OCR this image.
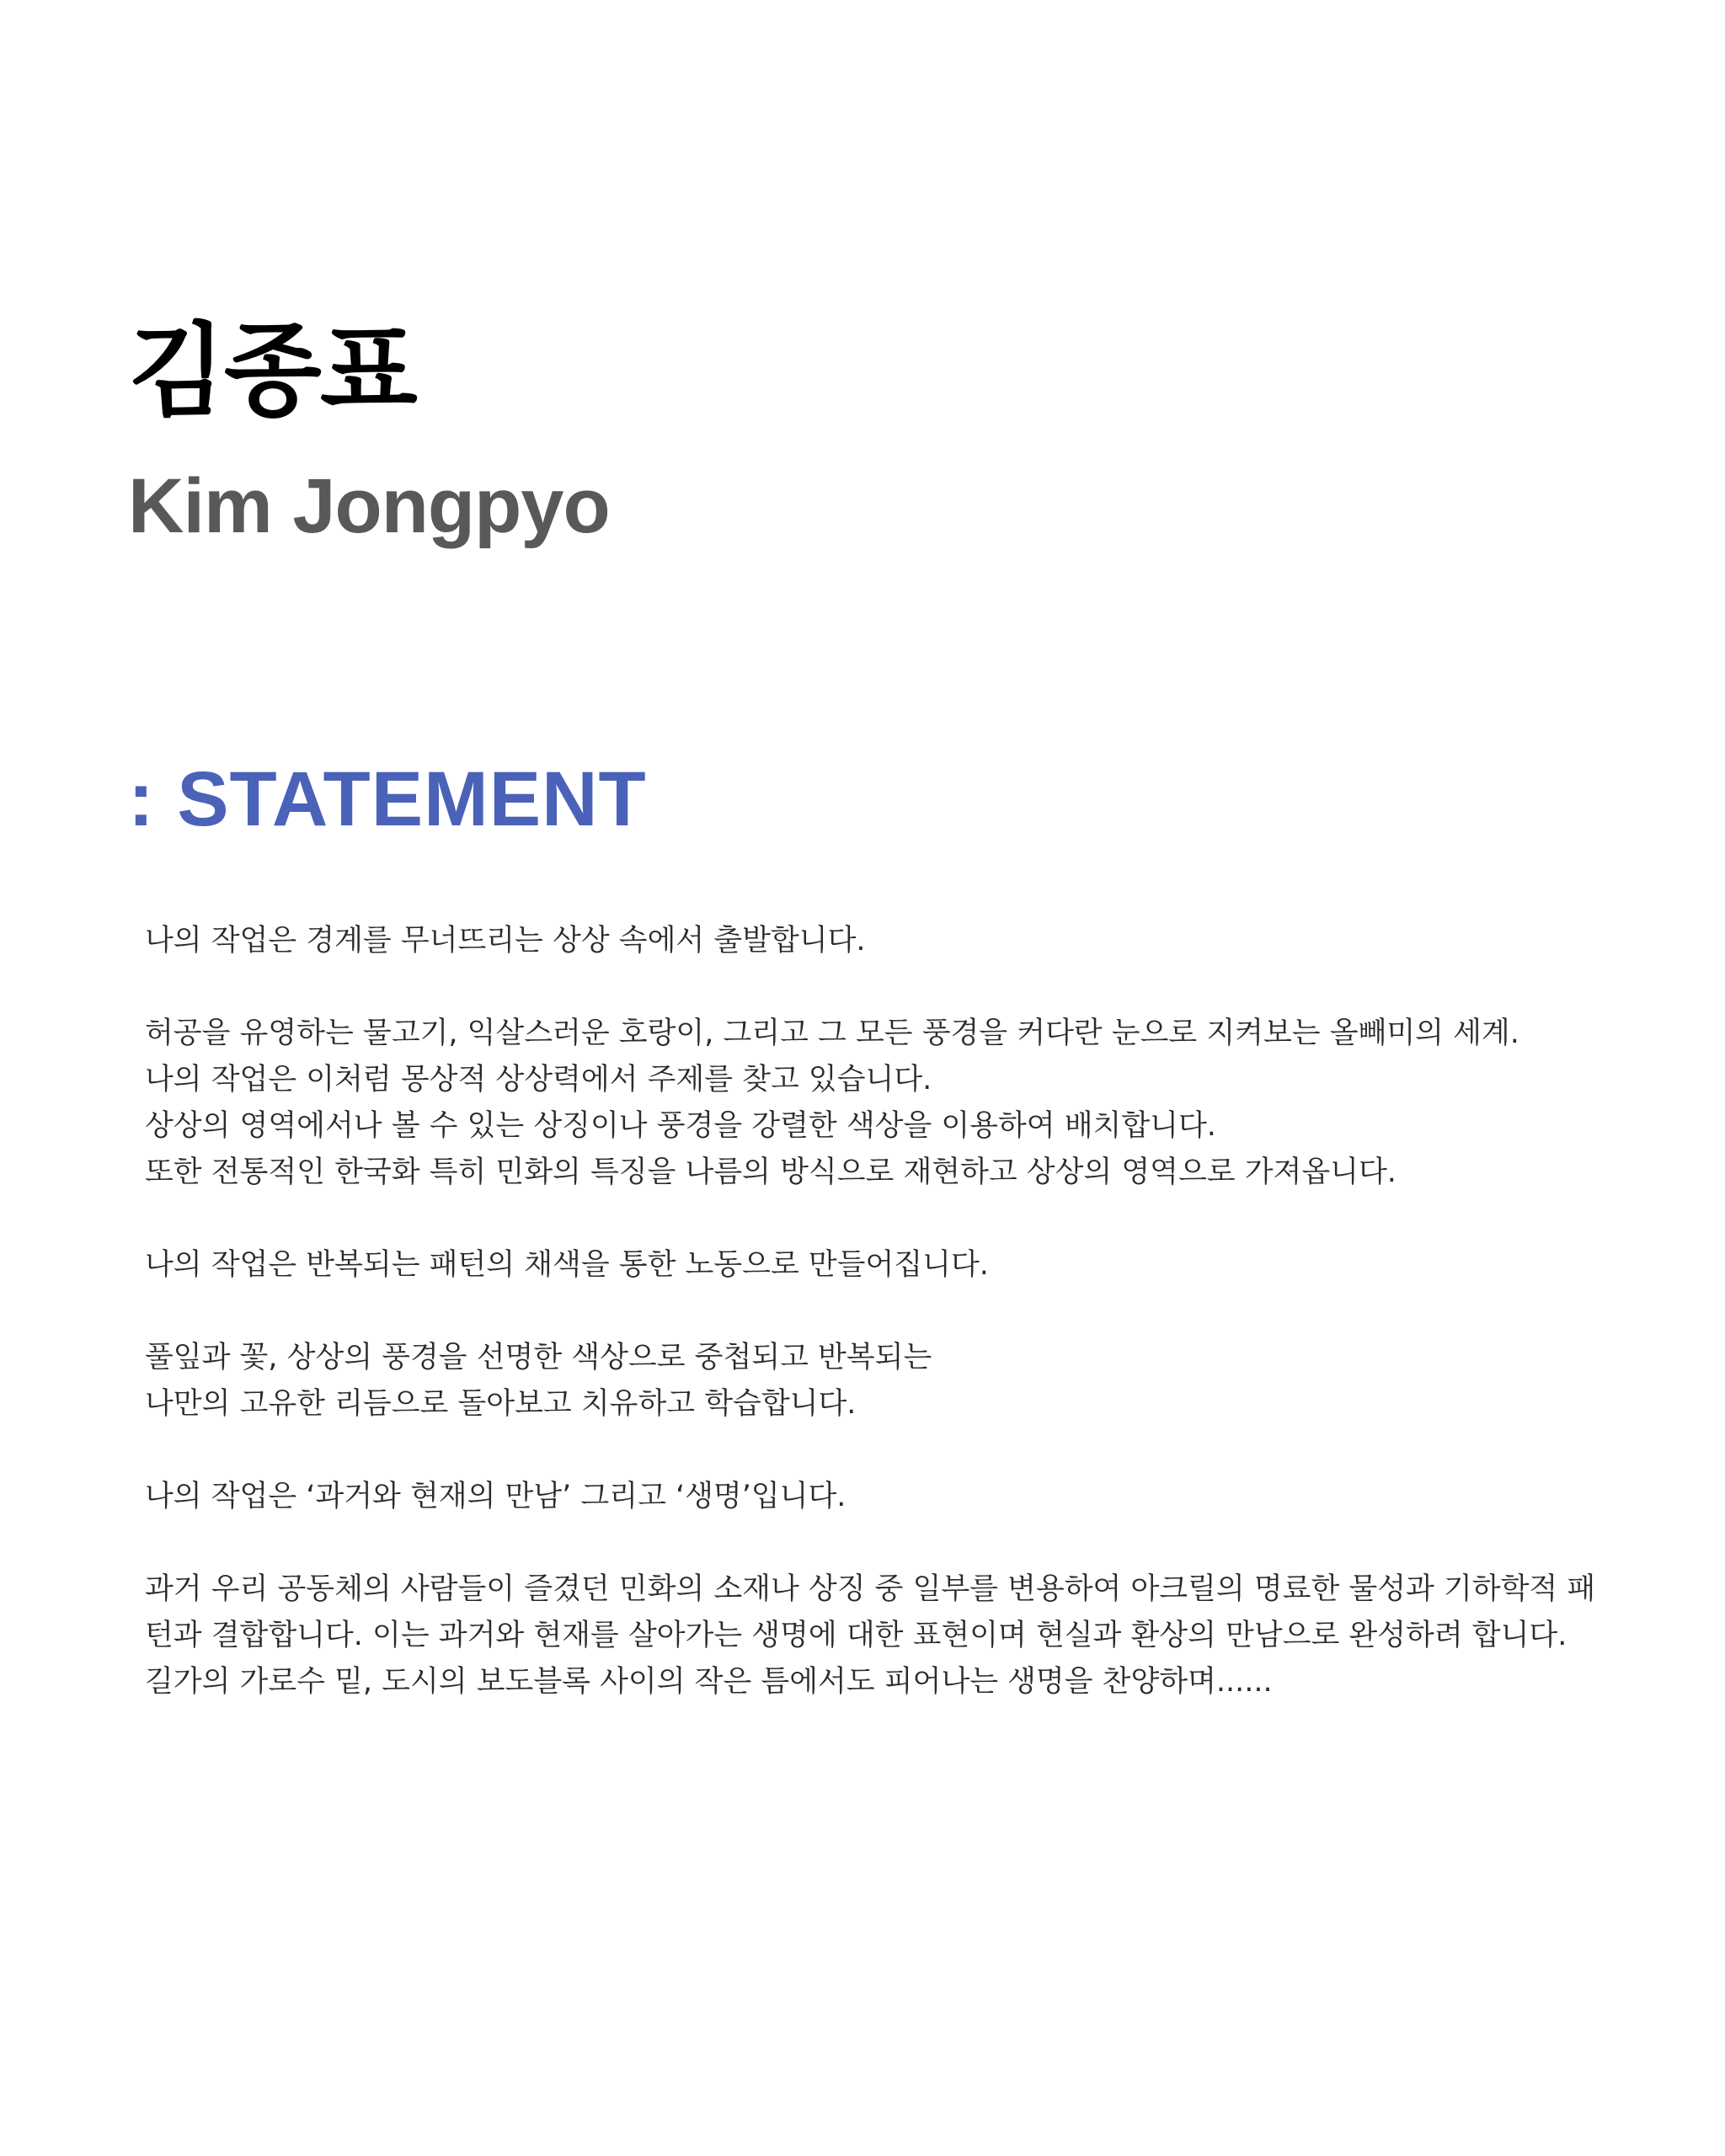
김종표
Kim Jongpyo
: STATEMENT
나의 작업은 경계를 무너뜨리는 상상 속에서 출발합니다.
허공을 유영하는 물고기, 익살스러운 호랑이, 그리고 그 모든 풍경을 커다란 눈으로 지켜보는 올빼미의 세계.
나의 작업은 이처럼 몽상적 상상력에서 주제를 찾고 있습니다.
상상의 영역에서나 볼 수 있는 상징이나 풍경을 강렬한 색상을 이용하여 배치합니다.
또한 전통적인 한국화 특히 민화의 특징을 나름의 방식으로 재현하고 상상의 영역으로 가져옵니다.
나의 작업은 반복되는 패턴의 채색을 통한 노동으로 만들어집니다.
풀잎과 꽃, 상상의 풍경을 선명한 색상으로 중첩되고 반복되는
나만의 고유한 리듬으로 돌아보고 치유하고 학습합니다.
나의 작업은 ‘과거와 현재의 만남’ 그리고 ‘생명’입니다.
과거 우리 공동체의 사람들이 즐겼던 민화의 소재나 상징 중 일부를 변용하여 아크릴의 명료한 물성과 기하학적 패
턴과 결합합니다. 이는 과거와 현재를 살아가는 생명에 대한 표현이며 현실과 환상의 만남으로 완성하려 합니다.
길가의 가로수 밑, 도시의 보도블록 사이의 작은 틈에서도 피어나는 생명을 찬양하며......
